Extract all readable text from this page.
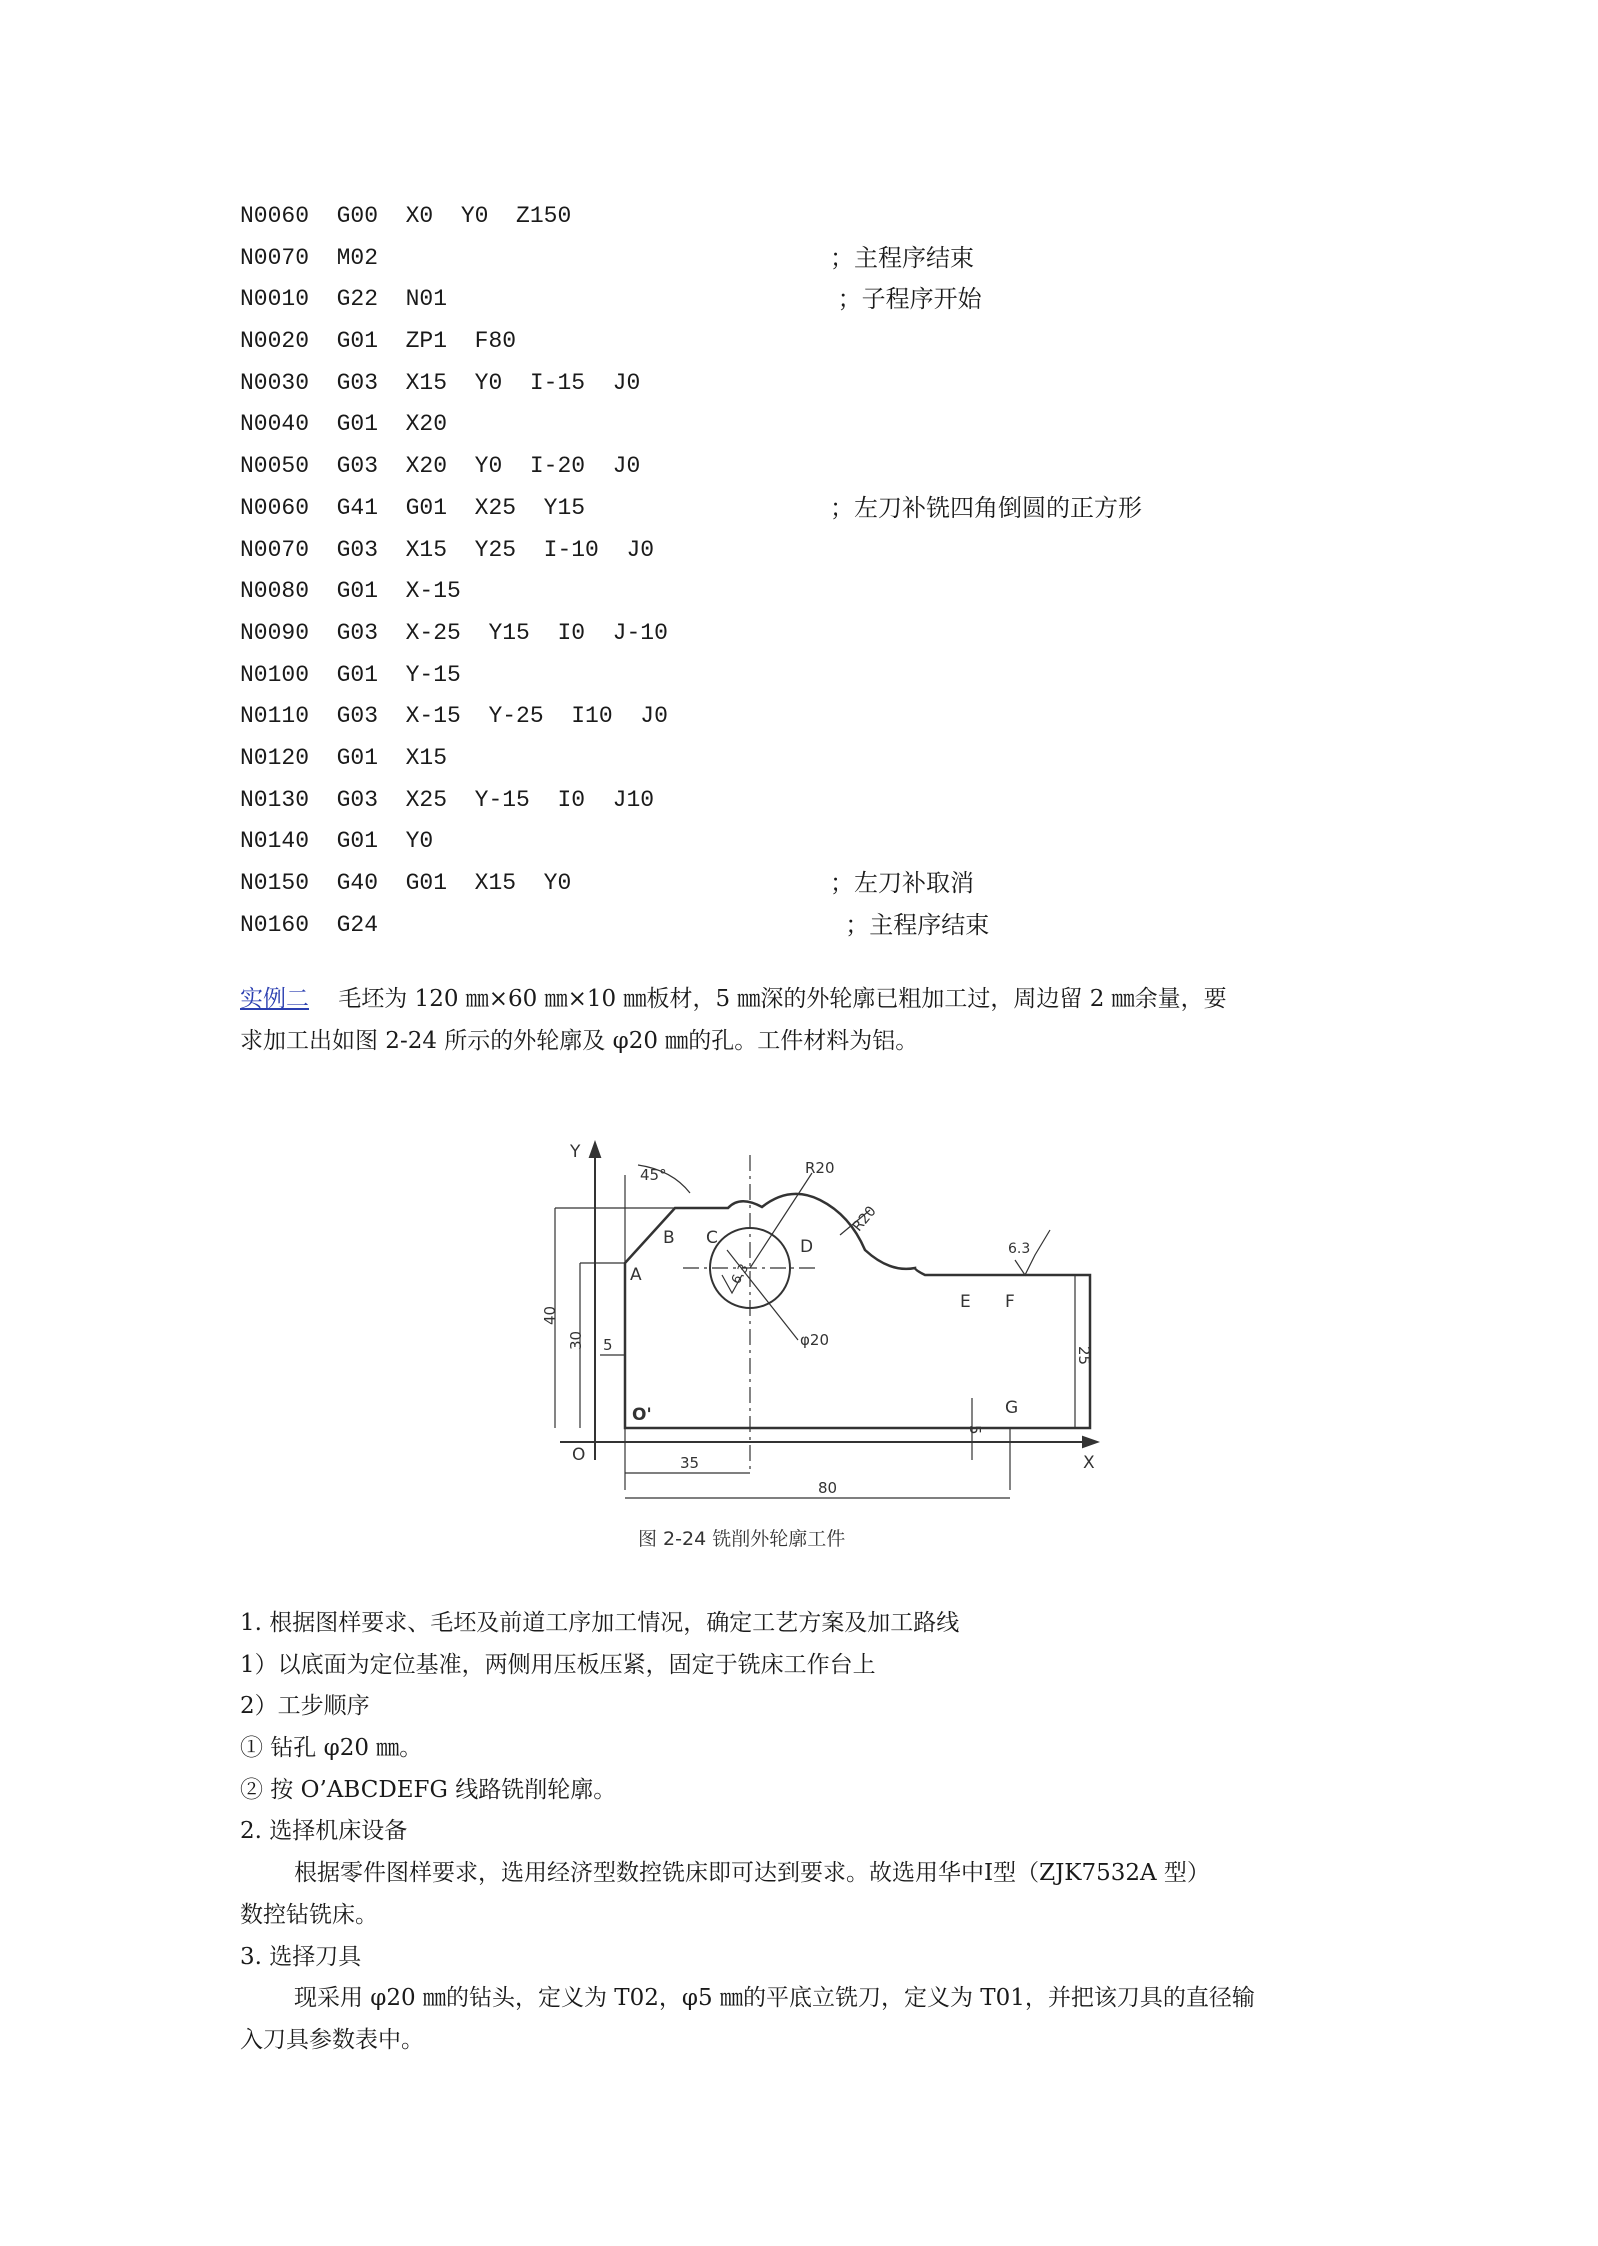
N0060  G00  X0  Y0  Z150
N0070  M02	；主程序结束
N0010  G22  N01	；子程序开始
N0020  G01  ZP1  F80
N0030  G03  X15  Y0  I-15  J0
N0040  G01  X20
N0050  G03  X20  Y0  I-20  J0
N0060  G41  G01  X25  Y15	；左刀补铣四角倒圆的正方形
N0070  G03  X15  Y25  I-10  J0
N0080  G01  X-15
N0090  G03  X-25  Y15  I0  J-10
N0100  G01  Y-15
N0110  G03  X-15  Y-25  I10  J0
N0120  G01  X15
N0130  G03  X25  Y-15  I0  J10
N0140  G01  Y0
N0150  G40  G01  X15  Y0	；左刀补取消
N0160  G24	；主程序结束
实例二 毛坯为 120 ㎜×60 ㎜×10 ㎜板材，5 ㎜深的外轮廓已粗加工过，周边留 2 ㎜余量，要
求加工出如图 2-24 所示的外轮廓及 φ20 ㎜的孔。工件材料为铝。
Y
X
O
O'
A
B C	D
E F
G
45°	R20
R20
φ20
6.3
6.3
40
30 5
5
25
35
80
图 2-24 铣削外轮廓工件
1. 根据图样要求、毛坯及前道工序加工情况，确定工艺方案及加工路线
1）以底面为定位基准，两侧用压板压紧，固定于铣床工作台上
2）工步顺序
① 钻孔 φ20 ㎜。
② 按 O’ABCDEFG 线路铣削轮廓。
2. 选择机床设备
根据零件图样要求，选用经济型数控铣床即可达到要求。故选用华中Ⅰ型（ZJK7532A 型）
数控钻铣床。
3. 选择刀具
现采用 φ20 ㎜的钻头，定义为 T02，φ5 ㎜的平底立铣刀，定义为 T01，并把该刀具的直径输
入刀具参数表中。
